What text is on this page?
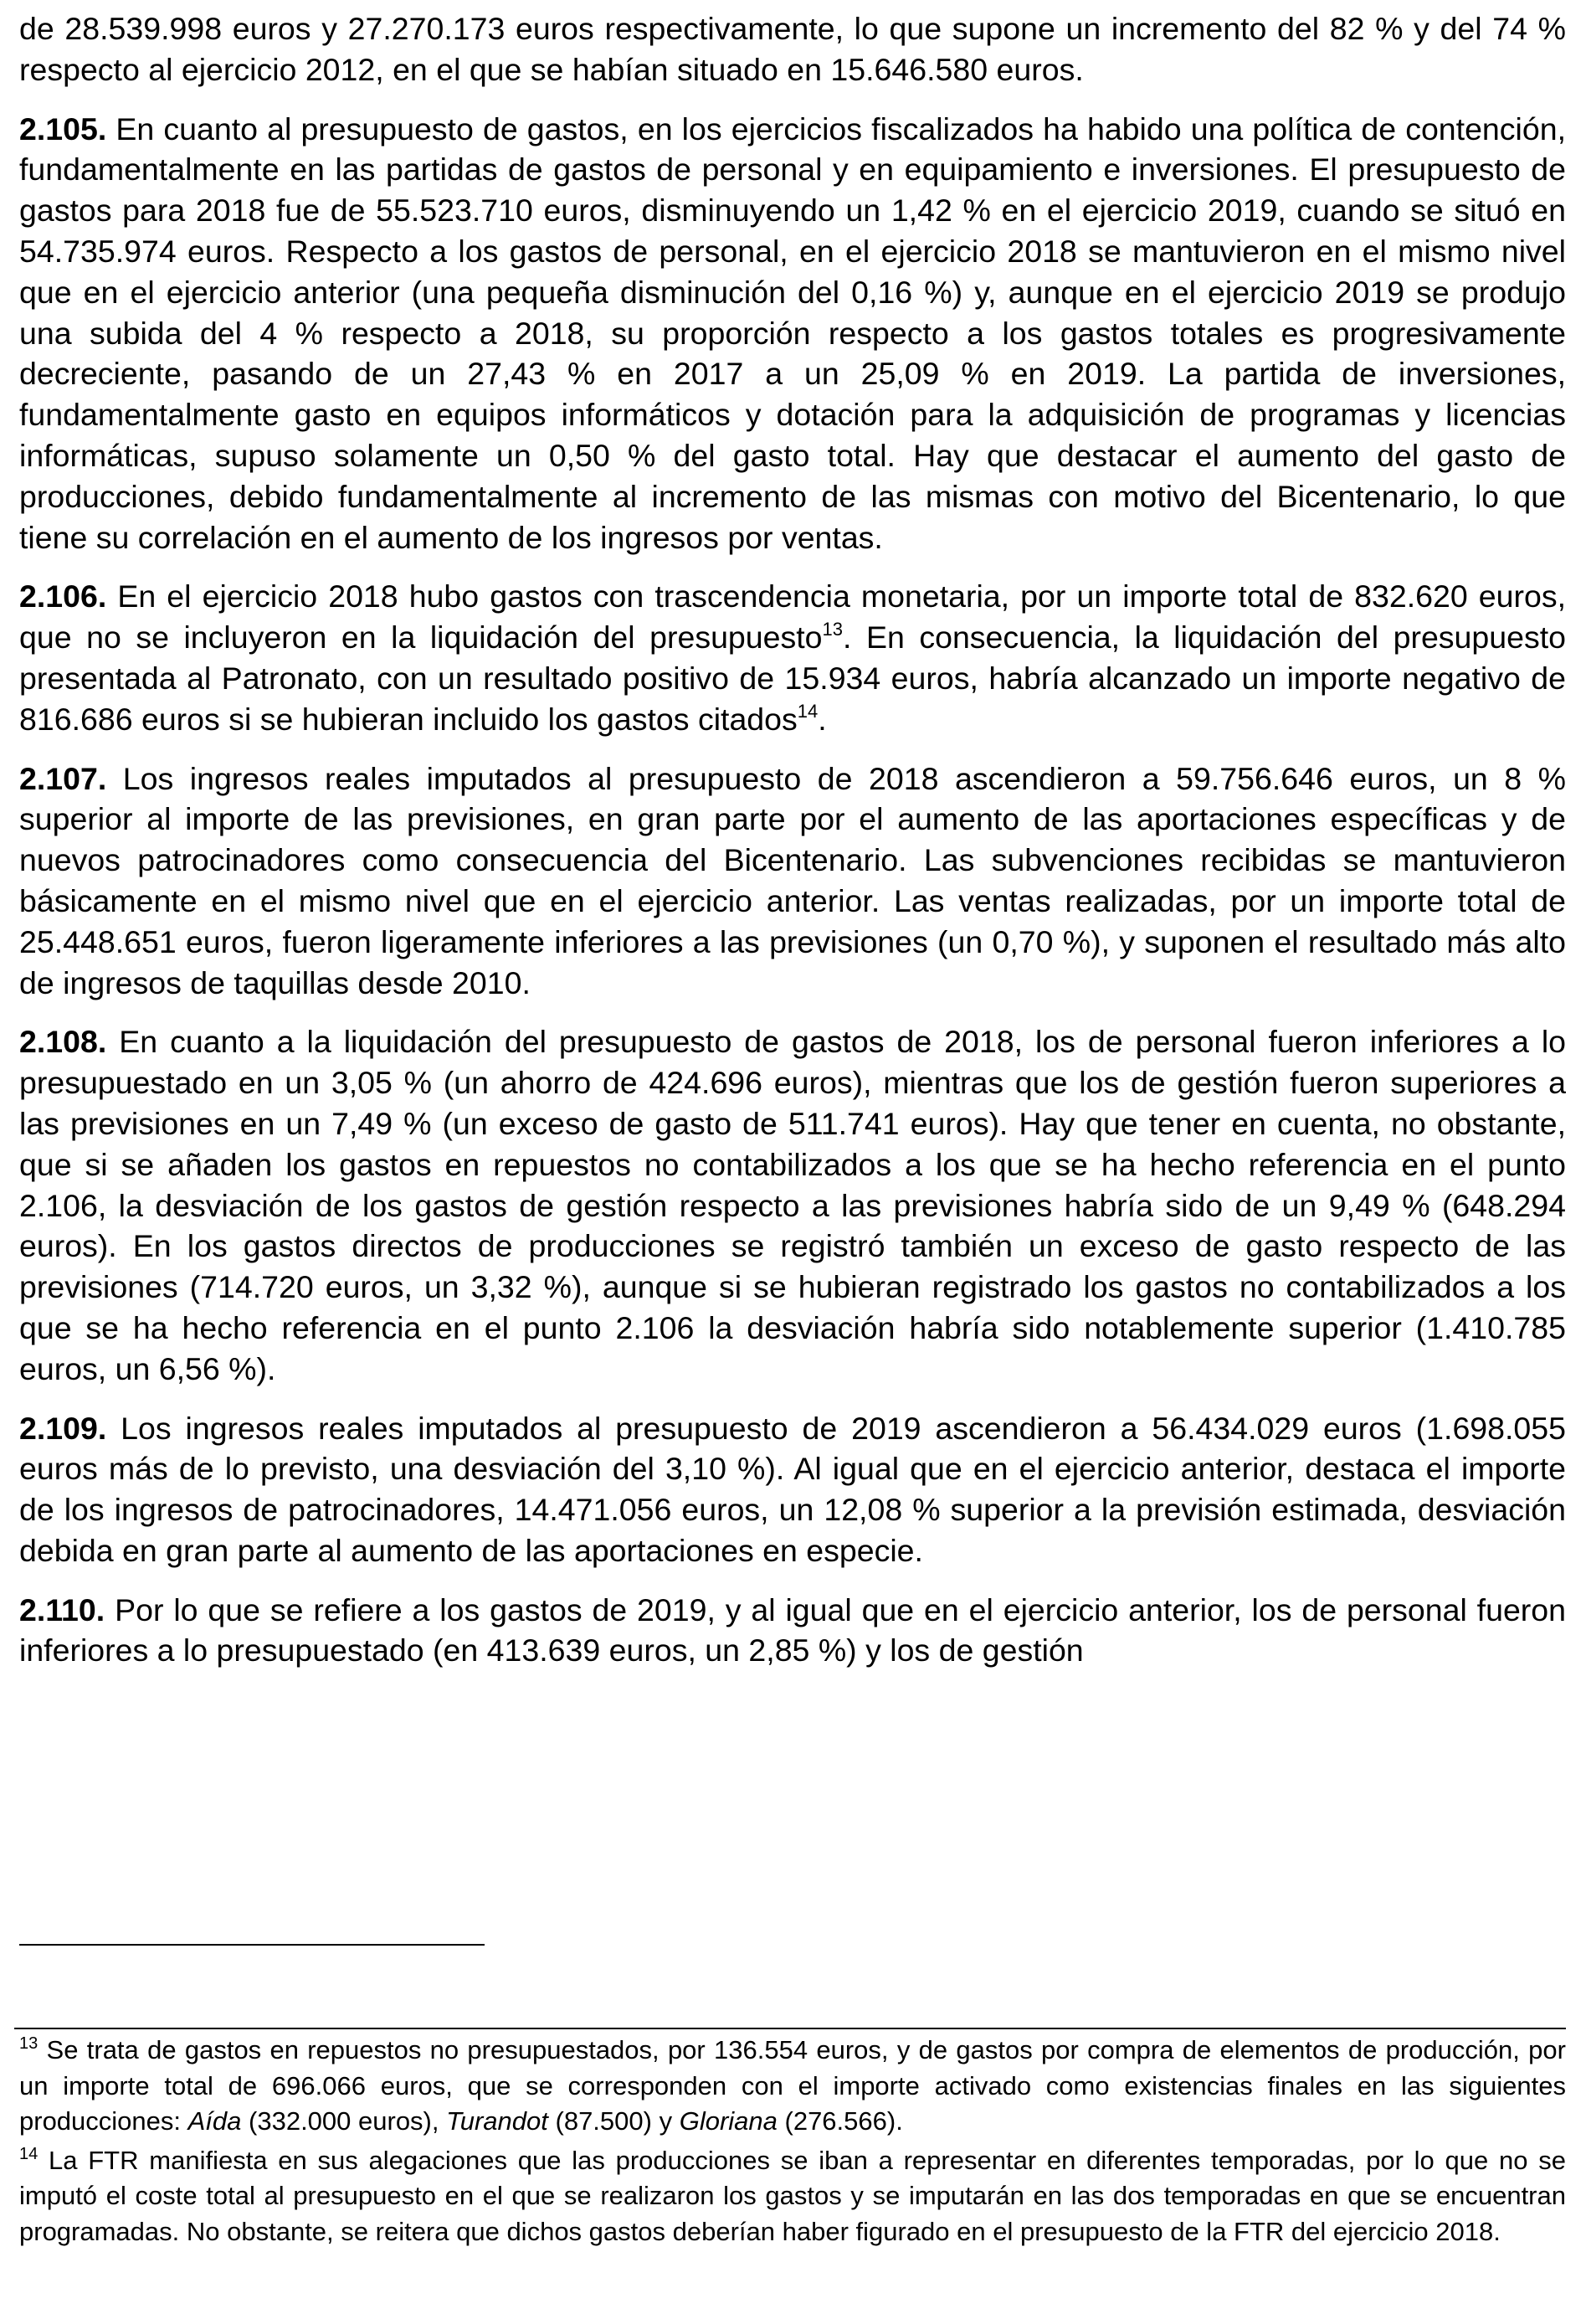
de 28.539.998 euros y 27.270.173 euros respectivamente, lo que supone un incremento del 82 % y del 74 % respecto al ejercicio 2012, en el que se habían situado en 15.646.580 euros.

2.105. En cuanto al presupuesto de gastos, en los ejercicios fiscalizados ha habido una política de contención, fundamentalmente en las partidas de gastos de personal y en equipamiento e inversiones. El presupuesto de gastos para 2018 fue de 55.523.710 euros, disminuyendo un 1,42 % en el ejercicio 2019, cuando se situó en 54.735.974 euros. Respecto a los gastos de personal, en el ejercicio 2018 se mantuvieron en el mismo nivel que en el ejercicio anterior (una pequeña disminución del 0,16 %) y, aunque en el ejercicio 2019 se produjo una subida del 4 % respecto a 2018, su proporción respecto a los gastos totales es progresivamente decreciente, pasando de un 27,43 % en 2017 a un 25,09 % en 2019. La partida de inversiones, fundamentalmente gasto en equipos informáticos y dotación para la adquisición de programas y licencias informáticas, supuso solamente un 0,50 % del gasto total. Hay que destacar el aumento del gasto de producciones, debido fundamentalmente al incremento de las mismas con motivo del Bicentenario, lo que tiene su correlación en el aumento de los ingresos por ventas.

2.106. En el ejercicio 2018 hubo gastos con trascendencia monetaria, por un importe total de 832.620 euros, que no se incluyeron en la liquidación del presupuesto$^{13}$. En consecuencia, la liquidación del presupuesto presentada al Patronato, con un resultado positivo de 15.934 euros, habría alcanzado un importe negativo de 816.686 euros si se hubieran incluido los gastos citados$^{14}$.

2.107. Los ingresos reales imputados al presupuesto de 2018 ascendieron a 59.756.646 euros, un 8 % superior al importe de las previsiones, en gran parte por el aumento de las aportaciones específicas y de nuevos patrocinadores como consecuencia del Bicentenario. Las subvenciones recibidas se mantuvieron básicamente en el mismo nivel que en el ejercicio anterior. Las ventas realizadas, por un importe total de 25.448.651 euros, fueron ligeramente inferiores a las previsiones (un 0,70 %), y suponen el resultado más alto de ingresos de taquillas desde 2010.

2.108. En cuanto a la liquidación del presupuesto de gastos de 2018, los de personal fueron inferiores a lo presupuestado en un 3,05 % (un ahorro de 424.696 euros), mientras que los de gestión fueron superiores a las previsiones en un 7,49 % (un exceso de gasto de 511.741 euros). Hay que tener en cuenta, no obstante, que si se añaden los gastos en repuestos no contabilizados a los que se ha hecho referencia en el punto 2.106, la desviación de los gastos de gestión respecto a las previsiones habría sido de un 9,49 % (648.294 euros). En los gastos directos de producciones se registró también un exceso de gasto respecto de las previsiones (714.720 euros, un 3,32 %), aunque si se hubieran registrado los gastos no contabilizados a los que se ha hecho referencia en el punto 2.106 la desviación habría sido notablemente superior (1.410.785 euros, un 6,56 %).

2.109. Los ingresos reales imputados al presupuesto de 2019 ascendieron a 56.434.029 euros (1.698.055 euros más de lo previsto, una desviación del 3,10 %). Al igual que en el ejercicio anterior, destaca el importe de los ingresos de patrocinadores, 14.471.056 euros, un 12,08 % superior a la previsión estimada, desviación debida en gran parte al aumento de las aportaciones en especie.

2.110. Por lo que se refiere a los gastos de 2019, y al igual que en el ejercicio anterior, los de personal fueron inferiores a lo presupuestado (en 413.639 euros, un 2,85 %) y los de gestión

$^{13}$ Se trata de gastos en repuestos no presupuestados, por 136.554 euros, y de gastos por compra de elementos de producción, por un importe total de 696.066 euros, que se corresponden con el importe activado como existencias finales en las siguientes producciones: Aída (332.000 euros), Turandot (87.500) y Gloriana (276.566).

$^{14}$ La FTR manifiesta en sus alegaciones que las producciones se iban a representar en diferentes temporadas, por lo que no se imputó el coste total al presupuesto en el que se realizaron los gastos y se imputarán en las dos temporadas en que se encuentran programadas. No obstante, se reitera que dichos gastos deberían haber figurado en el presupuesto de la FTR del ejercicio 2018.
